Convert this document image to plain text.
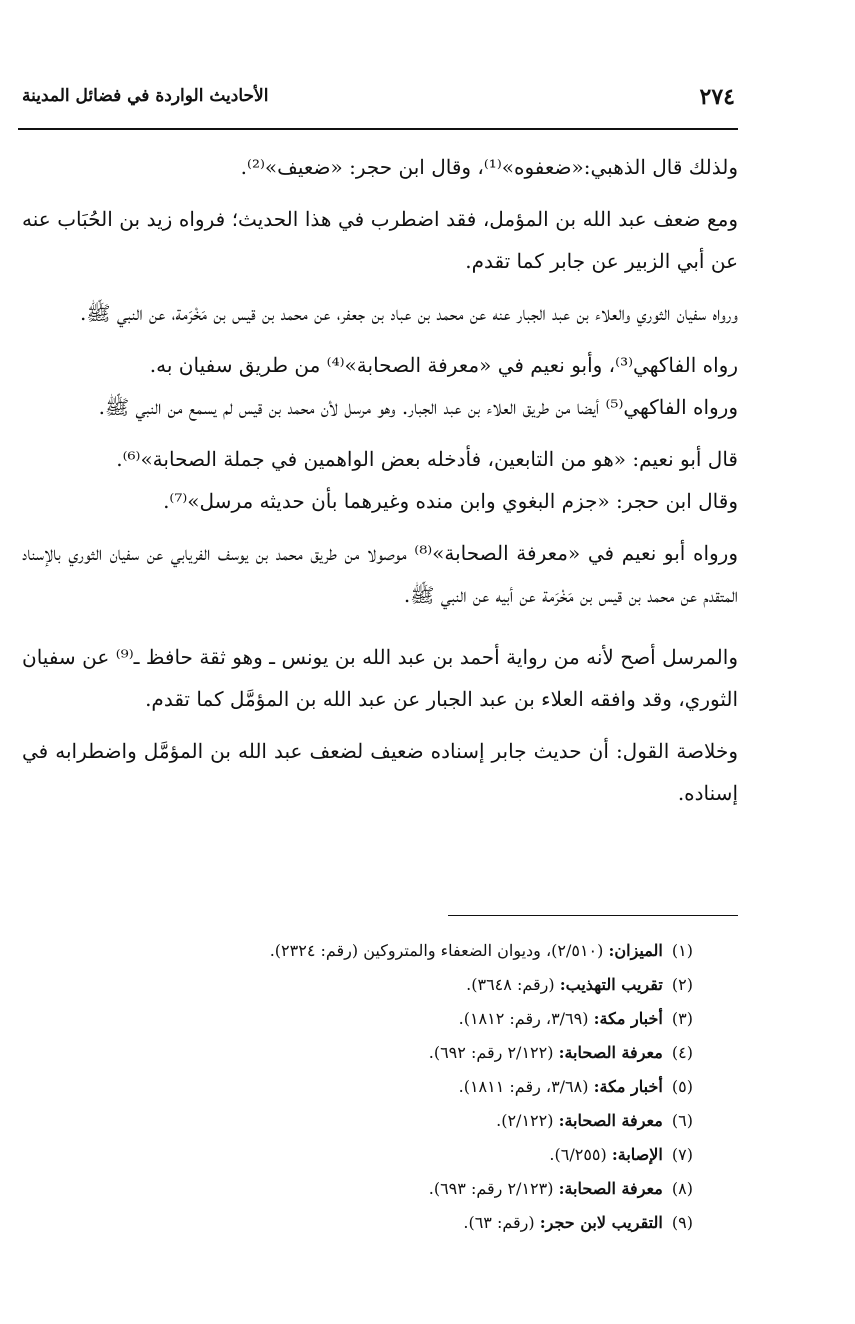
٢٧٤
الأحاديث الواردة في فضائل المدينة

ولذلك قال الذهبي:«ضعفوه»⁽¹⁾، وقال ابن حجر: «ضعيف»⁽²⁾.

ومع ضعف عبد الله بن المؤمل، فقد اضطرب في هذا الحديث؛ فرواه زيد بن الحُبَاب عنه عن أبي الزبير عن جابر كما تقدم.

ورواه سفيان الثوري والعلاء بن عبد الجبار عنه عن محمد بن عباد بن جعفر، عن محمد بن قيس بن مَخْرَمة، عن النبي ﷺ.

رواه الفاكهي⁽³⁾، وأبو نعيم في «معرفة الصحابة»⁽⁴⁾ من طريق سفيان به.

ورواه الفاكهي⁽⁵⁾ أيضا من طريق العلاء بن عبد الجبار. وهو مرسل لأن محمد بن قيس لم يسمع من النبي ﷺ.

قال أبو نعيم: «هو من التابعين، فأدخله بعض الواهمين في جملة الصحابة»⁽⁶⁾.

وقال ابن حجر: «جزم البغوي وابن منده وغيرهما بأن حديثه مرسل»⁽⁷⁾.

ورواه أبو نعيم في «معرفة الصحابة»⁽⁸⁾ موصولا من طريق محمد بن يوسف الفريابي عن سفيان الثوري بالإسناد المتقدم عن محمد بن قيس بن مَخْرَمة عن أبيه عن النبي ﷺ.

والمرسل أصح لأنه من رواية أحمد بن عبد الله بن يونس ـ وهو ثقة حافظ ـ⁽⁹⁾ عن سفيان الثوري، وقد وافقه العلاء بن عبد الجبار عن عبد الله بن المؤمَّل كما تقدم.

وخلاصة القول: أن حديث جابر إسناده ضعيف لضعف عبد الله بن المؤمَّل واضطرابه في إسناده.

(١) الميزان: (٢/٥١٠)، وديوان الضعفاء والمتروكين (رقم: ٢٣٢٤).
(٢) تقريب التهذيب: (رقم: ٣٦٤٨).
(٣) أخبار مكة: (٣/٦٩، رقم: ١٨١٢).
(٤) معرفة الصحابة: (٢/١٢٢ رقم: ٦٩٢).
(٥) أخبار مكة: (٣/٦٨، رقم: ١٨١١).
(٦) معرفة الصحابة: (٢/١٢٢).
(٧) الإصابة: (٦/٢٥٥).
(٨) معرفة الصحابة: (٢/١٢٣ رقم: ٦٩٣).
(٩) التقريب لابن حجر: (رقم: ٦٣).
